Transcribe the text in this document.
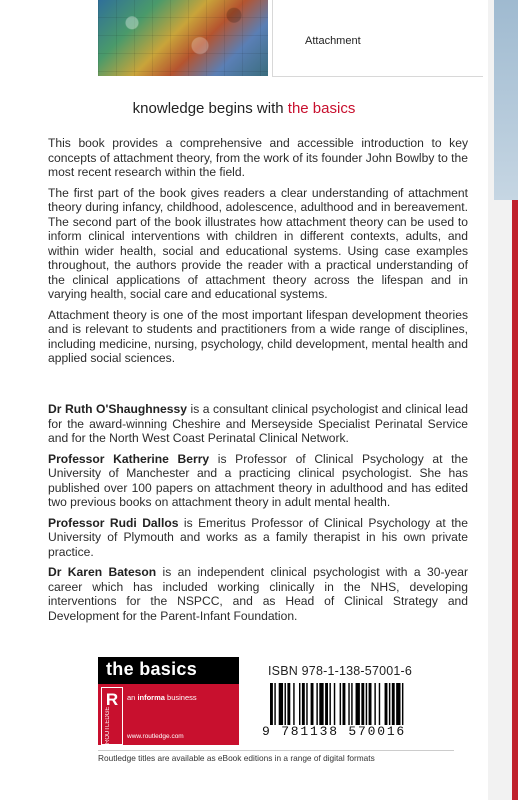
Attachment
knowledge begins with the basics

This book provides a comprehensive and accessible introduction to key concepts of attachment theory, from the work of its founder John Bowlby to the most recent research within the field.

The first part of the book gives readers a clear understanding of attachment theory during infancy, childhood, adolescence, adulthood and in bereavement. The second part of the book illustrates how attachment theory can be used to inform clinical interventions with children in different contexts, adults, and within wider health, social and educational systems. Using case examples throughout, the authors provide the reader with a practical understanding of the clinical applications of attachment theory across the lifespan and in varying health, social care and educational systems.

Attachment theory is one of the most important lifespan development theories and is relevant to students and practitioners from a wide range of disciplines, including medicine, nursing, psychology, child development, mental health and applied social sciences.

Dr Ruth O'Shaughnessy is a consultant clinical psychologist and clinical lead for the award-winning Cheshire and Merseyside Specialist Perinatal Service and for the North West Coast Perinatal Clinical Network.

Professor Katherine Berry is Professor of Clinical Psychology at the University of Manchester and a practicing clinical psychologist. She has published over 100 papers on attachment theory in adulthood and has edited two previous books on attachment theory in adult mental health.

Professor Rudi Dallos is Emeritus Professor of Clinical Psychology at the University of Plymouth and works as a family therapist in his own private practice.

Dr Karen Bateson is an independent clinical psychologist with a 30-year career which has included working clinically in the NHS, developing interventions for the NSPCC, and as Head of Clinical Strategy and Development for the Parent-Infant Foundation.

the basics
R
ROUTLEDGE
an informa business
www.routledge.com
ISBN 978-1-138-57001-6
9 781138 570016
Routledge titles are available as eBook editions in a range of digital formats
